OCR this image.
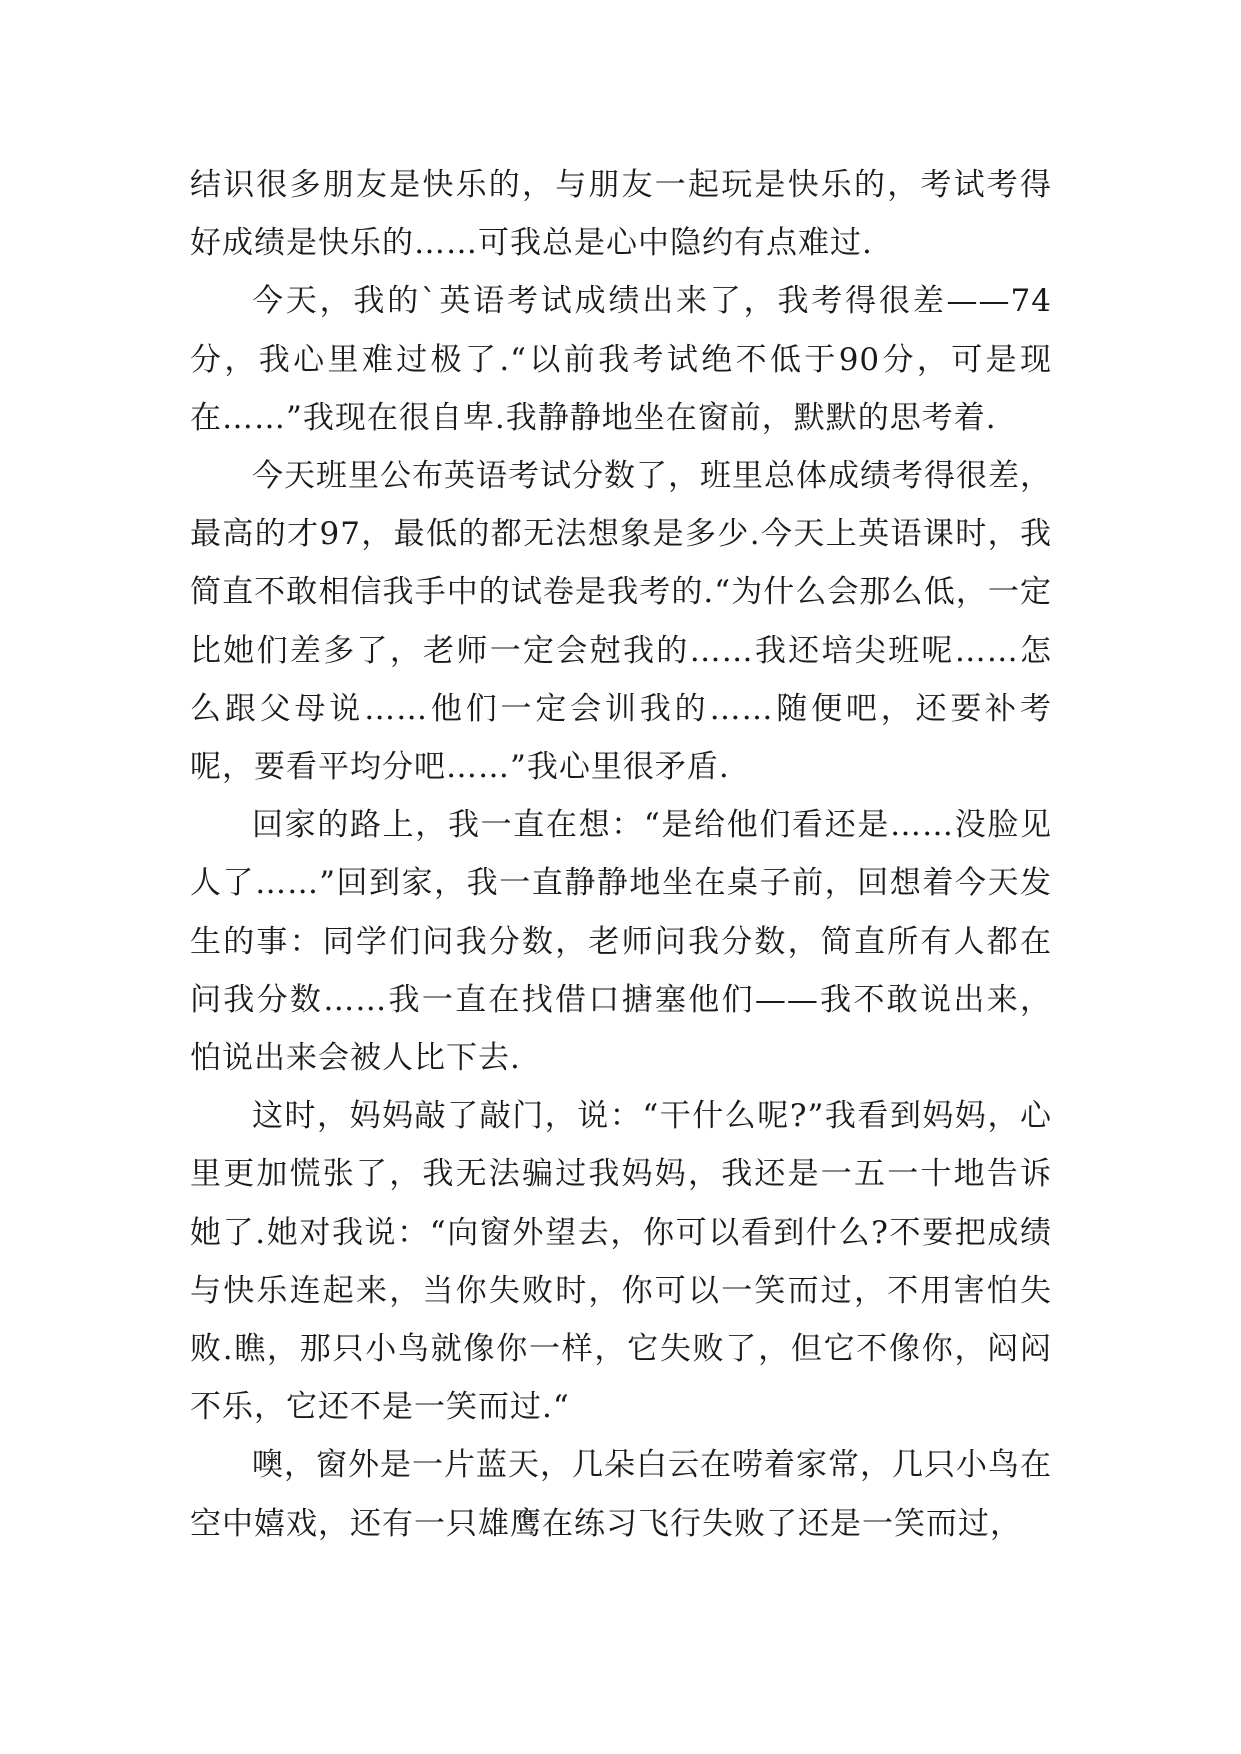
结识很多朋友是快乐的，与朋友一起玩是快乐的，考试考得好成绩是快乐的……可我总是心中隐约有点难过.

今天，我的`英语考试成绩出来了，我考得很差——74分，我心里难过极了.“以前我考试绝不低于90分，可是现在……”我现在很自卑.我静静地坐在窗前，默默的思考着.

今天班里公布英语考试分数了，班里总体成绩考得很差，最高的才97，最低的都无法想象是多少.今天上英语课时，我简直不敢相信我手中的试卷是我考的.“为什么会那么低，一定比她们差多了，老师一定会尅我的……我还培尖班呢……怎么跟父母说……他们一定会训我的……随便吧，还要补考呢，要看平均分吧……”我心里很矛盾.

回家的路上，我一直在想：“是给他们看还是……没脸见人了……”回到家，我一直静静地坐在桌子前，回想着今天发生的事：同学们问我分数，老师问我分数，简直所有人都在问我分数……我一直在找借口搪塞他们——我不敢说出来，怕说出来会被人比下去.

这时，妈妈敲了敲门，说：“干什么呢?”我看到妈妈，心里更加慌张了，我无法骗过我妈妈，我还是一五一十地告诉她了.她对我说：“向窗外望去，你可以看到什么?不要把成绩与快乐连起来，当你失败时，你可以一笑而过，不用害怕失败.瞧，那只小鸟就像你一样，它失败了，但它不像你，闷闷不乐，它还不是一笑而过.“

噢，窗外是一片蓝天，几朵白云在唠着家常，几只小鸟在空中嬉戏，还有一只雄鹰在练习飞行失败了还是一笑而过，
